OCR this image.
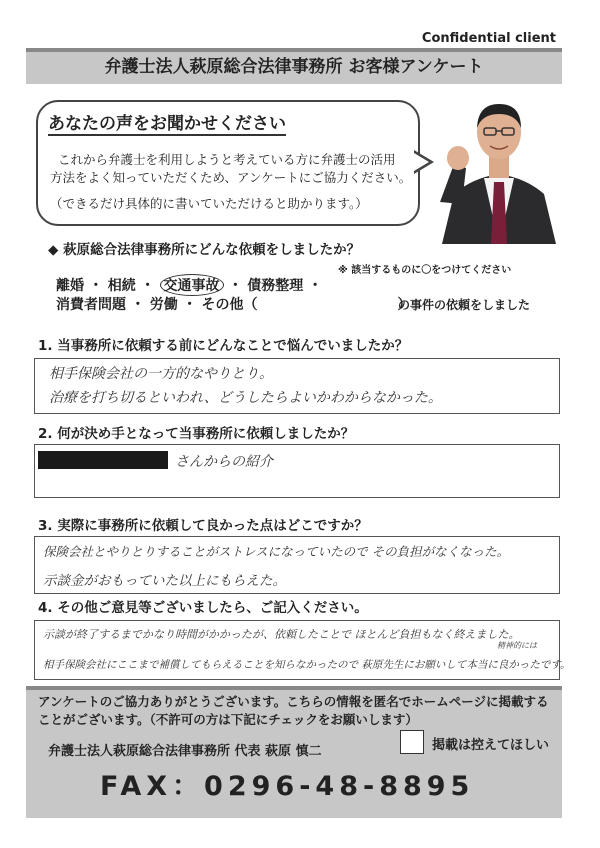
Confidential client
弁護士法人萩原総合法律事務所 お客様アンケート
あなたの声をお聞かせください
これから弁護士を利用しようと考えている方に弁護士の活用
方法をよく知っていただくため、アンケートにご協力ください。
（できるだけ具体的に書いていただけると助かります。）
◆ 萩原総合法律事務所にどんな依頼をしましたか？
※ 該当するものに〇をつけてください
離婚 ・ 相続 ・ 交通事故 ・ 債務整理 ・
消費者問題 ・ 労働 ・ その他（　　　　　　　　　　）
の事件の依頼をしました
1. 当事務所に依頼する前にどんなことで悩んでいましたか？
相手保険会社の一方的なやりとり。
治療を打ち切るといわれ、どうしたらよいかわからなかった。
2. 何が決め手となって当事務所に依頼しましたか？
さんからの紹介
3. 実際に事務所に依頼して良かった点はどこですか？
保険会社とやりとりすることがストレスになっていたので その負担がなくなった。
示談金がおもっていた以上にもらえた。
4. その他ご意見等ございましたら、ご記入ください。
示談が終了するまでかなり時間がかかったが、依頼したことで ほとんど負担もなく終えました。
精神的には
相手保険会社にここまで補償してもらえることを知らなかったので 萩原先生にお願いして本当に良かったです。
アンケートのご協力ありがとうございます。こちらの情報を匿名でホームページに掲載する
ことがございます。（不許可の方は下記にチェックをお願いします）
弁護士法人萩原総合法律事務所 代表 萩原 慎二	掲載は控えてほしい
FAX：0296-48-8895
